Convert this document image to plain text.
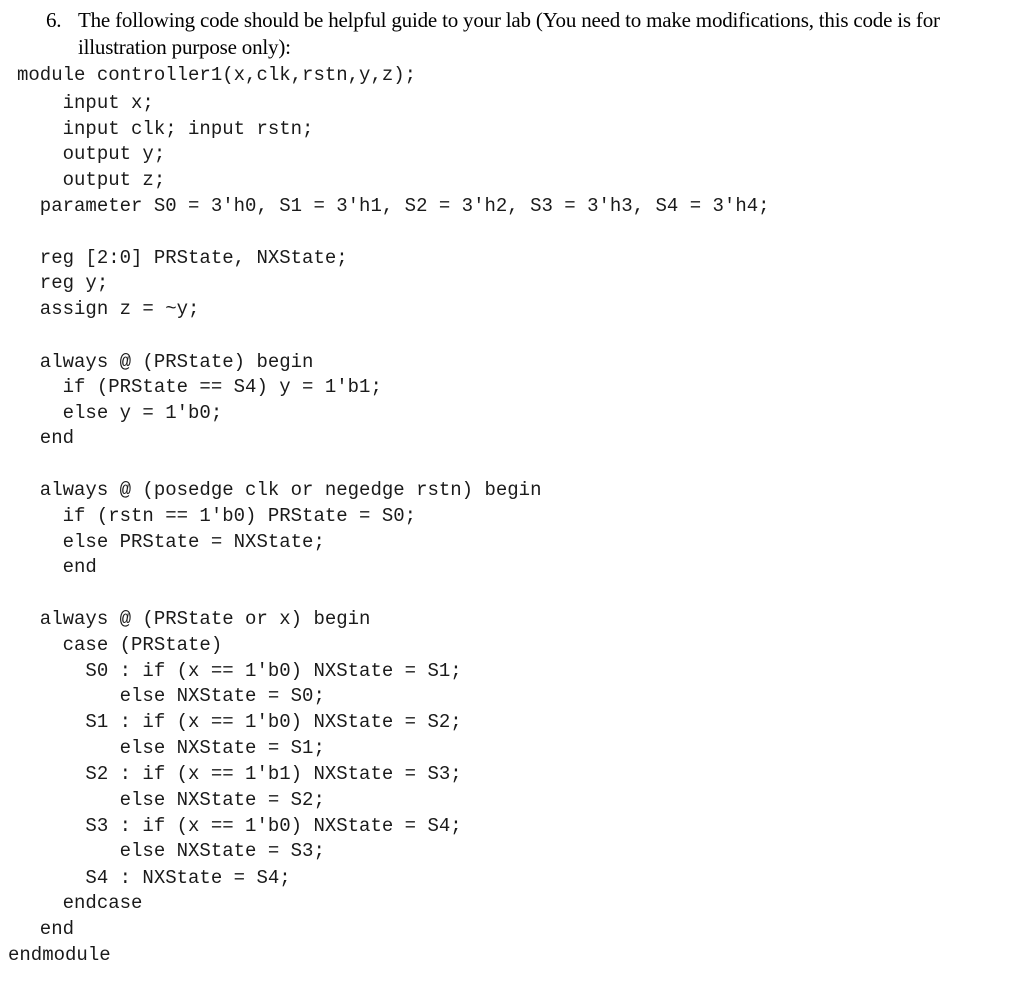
6. The following code should be helpful guide to your lab (You need to make modifications, this code is for illustration purpose only):
module controller1(x,clk,rstn,y,z);
input x;
input clk; input rstn;
output y;
output z;
parameter S0 = 3'h0, S1 = 3'h1, S2 = 3'h2, S3 = 3'h3, S4 = 3'h4;
reg [2:0] PRState, NXState;
reg y;
assign z = ~y;
always @ (PRState) begin
if (PRState == S4) y = 1'b1;
else y = 1'b0;
end
always @ (posedge clk or negedge rstn) begin
if (rstn == 1'b0) PRState = S0;
else PRState = NXState;
end
always @ (PRState or x) begin
case (PRState)
S0 : if (x == 1'b0) NXState = S1;
else NXState = S0;
S1 : if (x == 1'b0) NXState = S2;
else NXState = S1;
S2 : if (x == 1'b1) NXState = S3;
else NXState = S2;
S3 : if (x == 1'b0) NXState = S4;
else NXState = S3;
S4 : NXState = S4;
endcase
end
endmodule
